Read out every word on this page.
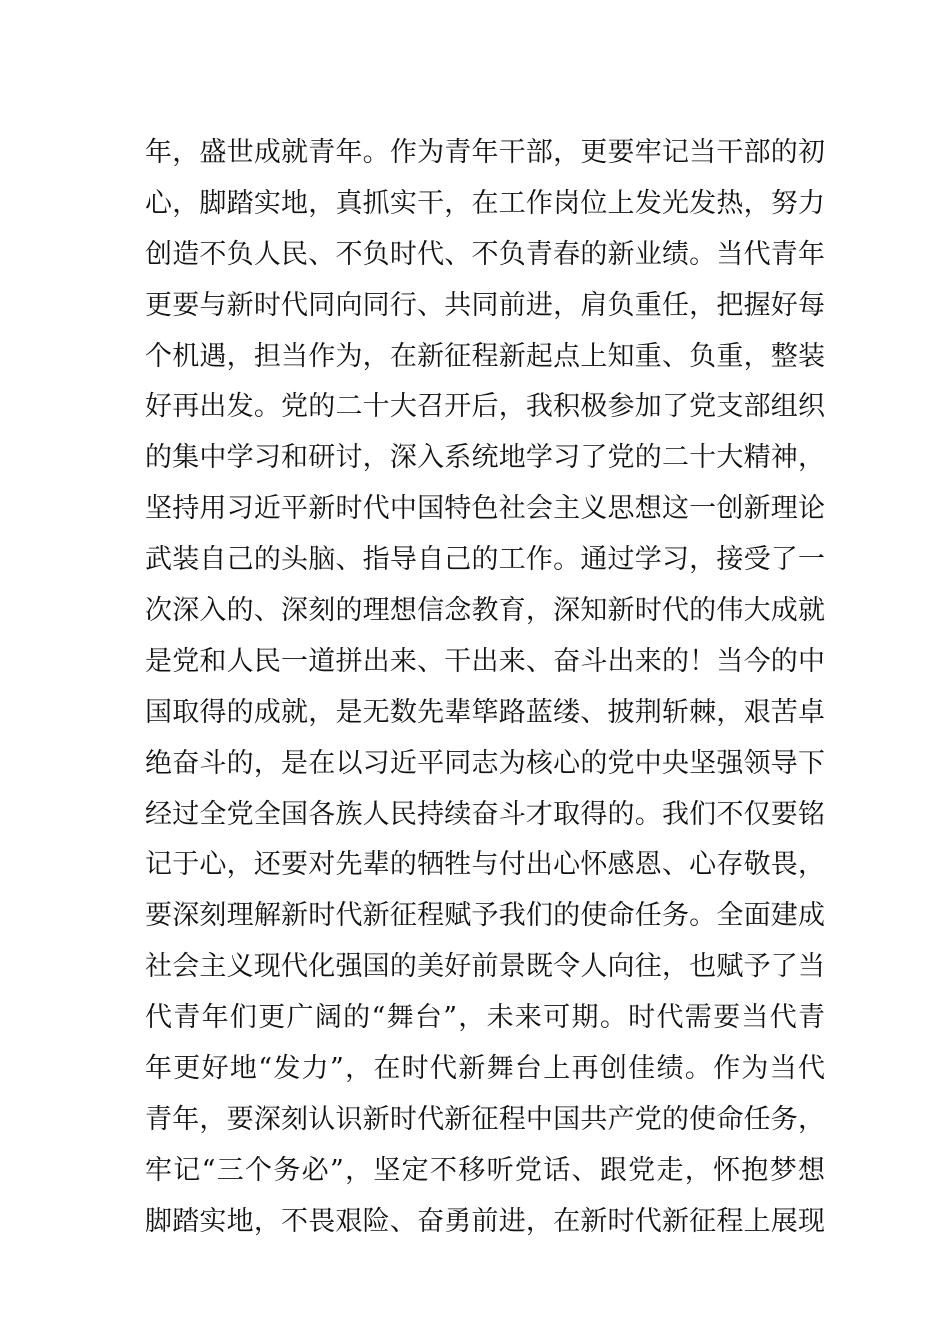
年，盛世成就青年。作为青年干部，更要牢记当干部的初
心，脚踏实地，真抓实干，在工作岗位上发光发热，努力
创造不负人民、不负时代、不负青春的新业绩。当代青年
更要与新时代同向同行、共同前进，肩负重任，把握好每
个机遇，担当作为，在新征程新起点上知重、负重，整装
好再出发。党的二十大召开后，我积极参加了党支部组织
的集中学习和研讨，深入系统地学习了党的二十大精神，
坚持用习近平新时代中国特色社会主义思想这一创新理论
武装自己的头脑、指导自己的工作。通过学习，接受了一
次深入的、深刻的理想信念教育，深知新时代的伟大成就
是党和人民一道拼出来、干出来、奋斗出来的！当今的中
国取得的成就，是无数先辈筚路蓝缕、披荆斩棘，艰苦卓
绝奋斗的，是在以习近平同志为核心的党中央坚强领导下
经过全党全国各族人民持续奋斗才取得的。我们不仅要铭
记于心，还要对先辈的牺牲与付出心怀感恩、心存敬畏，
要深刻理解新时代新征程赋予我们的使命任务。全面建成
社会主义现代化强国的美好前景既令人向往，也赋予了当
代青年们更广阔的“舞台”，未来可期。时代需要当代青
年更好地“发力”，在时代新舞台上再创佳绩。作为当代
青年，要深刻认识新时代新征程中国共产党的使命任务，
牢记“三个务必”，坚定不移听党话、跟党走，怀抱梦想
脚踏实地，不畏艰险、奋勇前进，在新时代新征程上展现
